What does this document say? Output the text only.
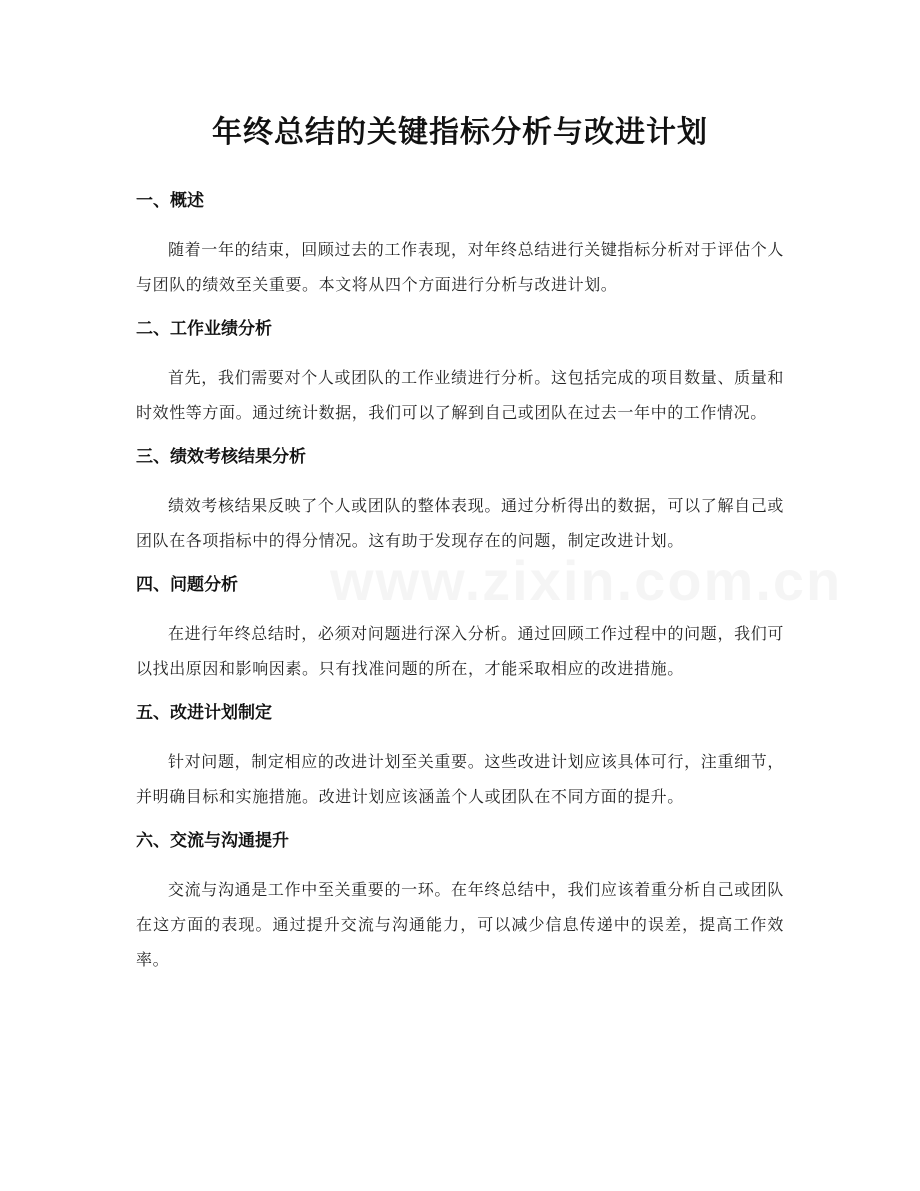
年终总结的关键指标分析与改进计划
一、概述

随着一年的结束，回顾过去的工作表现，对年终总结进行关键指标分析对于评估个人与团队的绩效至关重要。本文将从四个方面进行分析与改进计划。

二、工作业绩分析

首先，我们需要对个人或团队的工作业绩进行分析。这包括完成的项目数量、质量和时效性等方面。通过统计数据，我们可以了解到自己或团队在过去一年中的工作情况。

三、绩效考核结果分析

绩效考核结果反映了个人或团队的整体表现。通过分析得出的数据，可以了解自己或团队在各项指标中的得分情况。这有助于发现存在的问题，制定改进计划。

四、问题分析

在进行年终总结时，必须对问题进行深入分析。通过回顾工作过程中的问题，我们可以找出原因和影响因素。只有找准问题的所在，才能采取相应的改进措施。

五、改进计划制定

针对问题，制定相应的改进计划至关重要。这些改进计划应该具体可行，注重细节，并明确目标和实施措施。改进计划应该涵盖个人或团队在不同方面的提升。

六、交流与沟通提升

交流与沟通是工作中至关重要的一环。在年终总结中，我们应该着重分析自己或团队在这方面的表现。通过提升交流与沟通能力，可以减少信息传递中的误差，提高工作效率。
